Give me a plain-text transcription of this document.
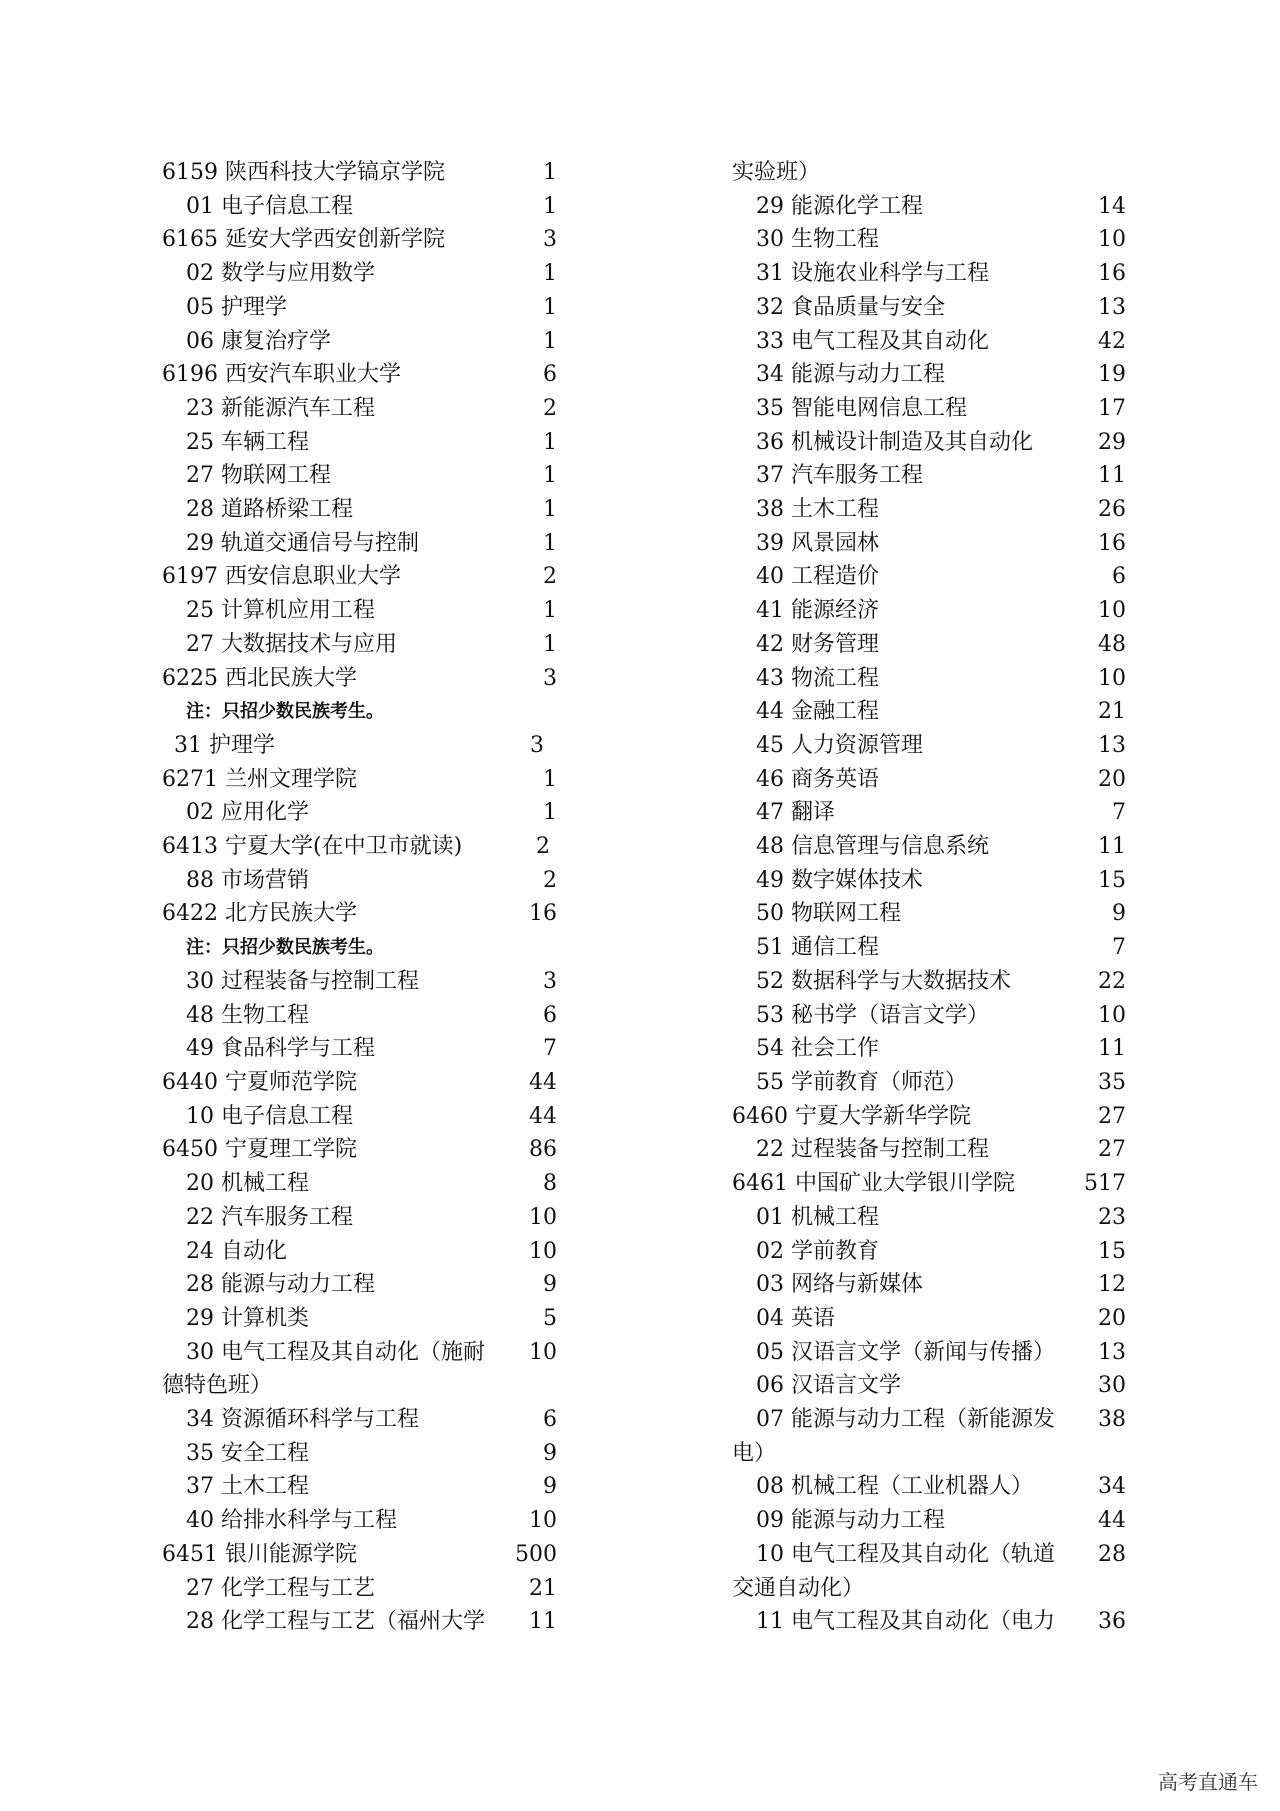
6159 陕西科技大学镐京学院	1
01 电子信息工程	1
6165 延安大学西安创新学院	3
02 数学与应用数学	1
05 护理学	1
06 康复治疗学	1
6196 西安汽车职业大学	6
23 新能源汽车工程	2
25 车辆工程	1
27 物联网工程	1
28 道路桥梁工程	1
29 轨道交通信号与控制	1
6197 西安信息职业大学	2
25 计算机应用工程	1
27 大数据技术与应用	1
6225 西北民族大学	3
注：只招少数民族考生。
31 护理学	3
6271 兰州文理学院	1
02 应用化学	1
6413 宁夏大学(在中卫市就读)	2
88 市场营销	2
6422 北方民族大学	16
注：只招少数民族考生。
30 过程装备与控制工程	3
48 生物工程	6
49 食品科学与工程	7
6440 宁夏师范学院	44
10 电子信息工程	44
6450 宁夏理工学院	86
20 机械工程	8
22 汽车服务工程	10
24 自动化	10
28 能源与动力工程	9
29 计算机类	5
30 电气工程及其自动化（施耐 10
德特色班）
34 资源循环科学与工程	6
35 安全工程	9
37 土木工程	9
40 给排水科学与工程	10
6451 银川能源学院	500
27 化学工程与工艺	21
28 化学工程与工艺（福州大学 11
实验班）
29 能源化学工程	14
30 生物工程	10
31 设施农业科学与工程	16
32 食品质量与安全	13
33 电气工程及其自动化	42
34 能源与动力工程	19
35 智能电网信息工程	17
36 机械设计制造及其自动化	29
37 汽车服务工程	11
38 土木工程	26
39 风景园林	16
40 工程造价	6
41 能源经济	10
42 财务管理	48
43 物流工程	10
44 金融工程	21
45 人力资源管理	13
46 商务英语	20
47 翻译	7
48 信息管理与信息系统	11
49 数字媒体技术	15
50 物联网工程	9
51 通信工程	7
52 数据科学与大数据技术	22
53 秘书学（语言文学）	10
54 社会工作	11
55 学前教育（师范）	35
6460 宁夏大学新华学院	27
22 过程装备与控制工程	27
6461 中国矿业大学银川学院	517
01 机械工程	23
02 学前教育	15
03 网络与新媒体	12
04 英语	20
05 汉语言文学（新闻与传播） 13
06 汉语言文学	30
07 能源与动力工程（新能源发 38
电）
08 机械工程（工业机器人）	34
09 能源与动力工程	44
10 电气工程及其自动化（轨道 28
交通自动化）
11 电气工程及其自动化（电力 36
高考直通车
